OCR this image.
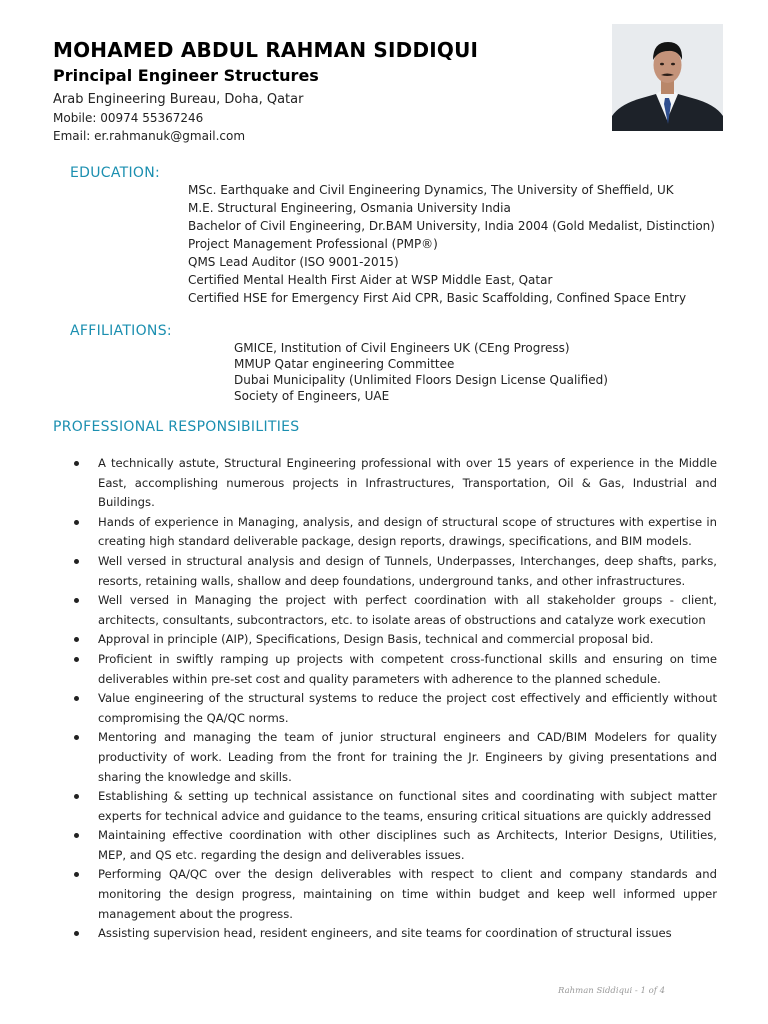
MOHAMED ABDUL RAHMAN SIDDIQUI
Principal Engineer Structures
Arab Engineering Bureau, Doha, Qatar
Mobile: 00974 55367246
Email: er.rahmanuk@gmail.com
EDUCATION:
MSc. Earthquake and Civil Engineering Dynamics, The University of Sheffield, UK
M.E. Structural Engineering, Osmania University India
Bachelor of Civil Engineering, Dr.BAM University, India 2004 (Gold Medalist, Distinction)
Project Management Professional (PMP®)
QMS Lead Auditor (ISO 9001-2015)
Certified Mental Health First Aider at WSP Middle East, Qatar
Certified HSE for Emergency First Aid CPR, Basic Scaffolding, Confined Space Entry
AFFILIATIONS:
GMICE, Institution of Civil Engineers UK (CEng Progress)
MMUP Qatar engineering Committee
Dubai Municipality (Unlimited Floors Design License Qualified)
Society of Engineers, UAE
PROFESSIONAL RESPONSIBILITIES
A technically astute, Structural Engineering professional with over 15 years of experience in the Middle East, accomplishing numerous projects in Infrastructures, Transportation, Oil & Gas, Industrial and Buildings.
Hands of experience in Managing, analysis, and design of structural scope of structures with expertise in creating high standard deliverable package, design reports, drawings, specifications, and BIM models.
Well versed in structural analysis and design of Tunnels, Underpasses, Interchanges, deep shafts, parks, resorts, retaining walls, shallow and deep foundations, underground tanks, and other infrastructures.
Well versed in Managing the project with perfect coordination with all stakeholder groups - client, architects, consultants, subcontractors, etc. to isolate areas of obstructions and catalyze work execution
Approval in principle (AIP), Specifications, Design Basis, technical and commercial proposal bid.
Proficient in swiftly ramping up projects with competent cross-functional skills and ensuring on time deliverables within pre-set cost and quality parameters with adherence to the planned schedule.
Value engineering of the structural systems to reduce the project cost effectively and efficiently without compromising the QA/QC norms.
Mentoring and managing the team of junior structural engineers and CAD/BIM Modelers for quality productivity of work. Leading from the front for training the Jr. Engineers by giving presentations and sharing the knowledge and skills.
Establishing & setting up technical assistance on functional sites and coordinating with subject matter experts for technical advice and guidance to the teams, ensuring critical situations are quickly addressed
Maintaining effective coordination with other disciplines such as Architects, Interior Designs, Utilities, MEP, and QS etc. regarding the design and deliverables issues.
Performing QA/QC over the design deliverables with respect to client and company standards and monitoring the design progress, maintaining on time within budget and keep well informed upper management about the progress.
Assisting supervision head, resident engineers, and site teams for coordination of structural issues
Rahman Siddiqui - 1 of 4
